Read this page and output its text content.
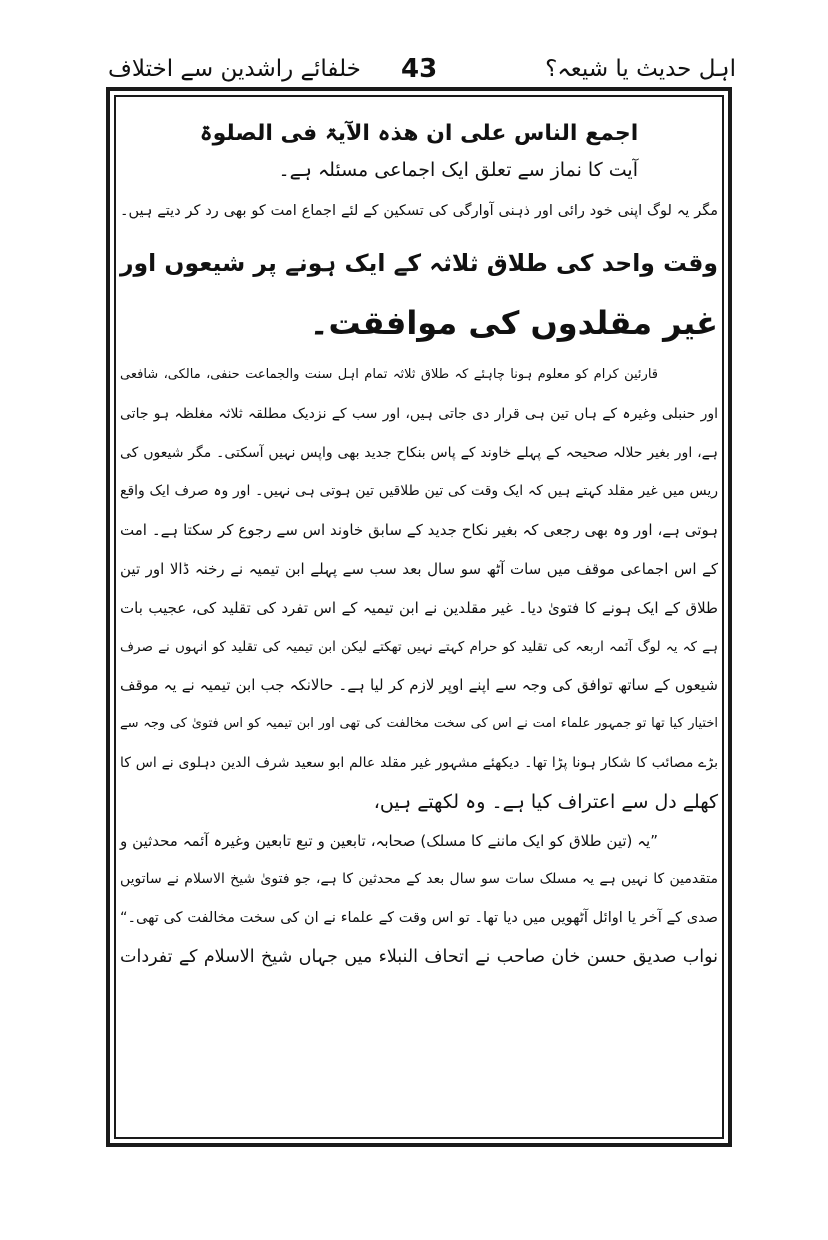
خلفائے راشدین سے اختلاف 43	اہل حدیث یا شیعہ؟
اجمع الناس علی ان ھذہ الآیۃ فی الصلوۃ
آیت کا نماز سے تعلق ایک اجماعی مسئلہ ہے۔
مگر یہ لوگ اپنی خود رائی اور ذہنی آوارگی کی تسکین کے لئے اجماع امت کو بھی رد کر دیتے ہیں۔
وقت واحد کی طلاق ثلاثہ کے ایک ہونے پر شیعوں اور
غیر مقلدوں کی موافقت۔
قارئین کرام کو معلوم ہونا چاہئے کہ طلاق ثلاثہ تمام اہل سنت والجماعت حنفی، مالکی، شافعی
اور حنبلی وغیرہ کے ہاں تین ہی قرار دی جاتی ہیں، اور سب کے نزدیک مطلقہ ثلاثہ مغلظہ ہو جاتی
ہے، اور بغیر حلالہ صحیحہ کے پہلے خاوند کے پاس بنکاح جدید بھی واپس نہیں آسکتی۔ مگر شیعوں کی
ریس میں غیر مقلد کہتے ہیں کہ ایک وقت کی تین طلاقیں تین ہوتی ہی نہیں۔ اور وہ صرف ایک واقع
ہوتی ہے، اور وہ بھی رجعی کہ بغیر نکاح جدید کے سابق خاوند اس سے رجوع کر سکتا ہے۔ امت
کے اس اجماعی موقف میں سات آٹھ سو سال بعد سب سے پہلے ابن تیمیہ نے رخنہ ڈالا اور تین
طلاق کے ایک ہونے کا فتویٰ دیا۔ غیر مقلدین نے ابن تیمیہ کے اس تفرد کی تقلید کی، عجیب بات
ہے کہ یہ لوگ آئمہ اربعہ کی تقلید کو حرام کہتے نہیں تھکتے لیکن ابن تیمیہ کی تقلید کو انہوں نے صرف
شیعوں کے ساتھ توافق کی وجہ سے اپنے اوپر لازم کر لیا ہے۔ حالانکہ جب ابن تیمیہ نے یہ موقف
اختیار کیا تھا تو جمہور علماء امت نے اس کی سخت مخالفت کی تھی اور ابن تیمیہ کو اس فتویٰ کی وجہ سے
بڑے مصائب کا شکار ہونا پڑا تھا۔ دیکھئے مشہور غیر مقلد عالم ابو سعید شرف الدین دہلوی نے اس کا
کھلے دل سے اعتراف کیا ہے۔ وہ لکھتے ہیں،
”یہ (تین طلاق کو ایک ماننے کا مسلک) صحابہ، تابعین و تبع تابعین وغیرہ آئمہ محدثین و
متقدمین کا نہیں ہے یہ مسلک سات سو سال بعد کے محدثین کا ہے، جو فتویٰ شیخ الاسلام نے ساتویں
صدی کے آخر یا اوائل آٹھویں میں دیا تھا۔ تو اس وقت کے علماء نے ان کی سخت مخالفت کی تھی۔“
نواب صدیق حسن خان صاحب نے اتحاف النبلاء میں جہاں شیخ الاسلام کے تفردات
